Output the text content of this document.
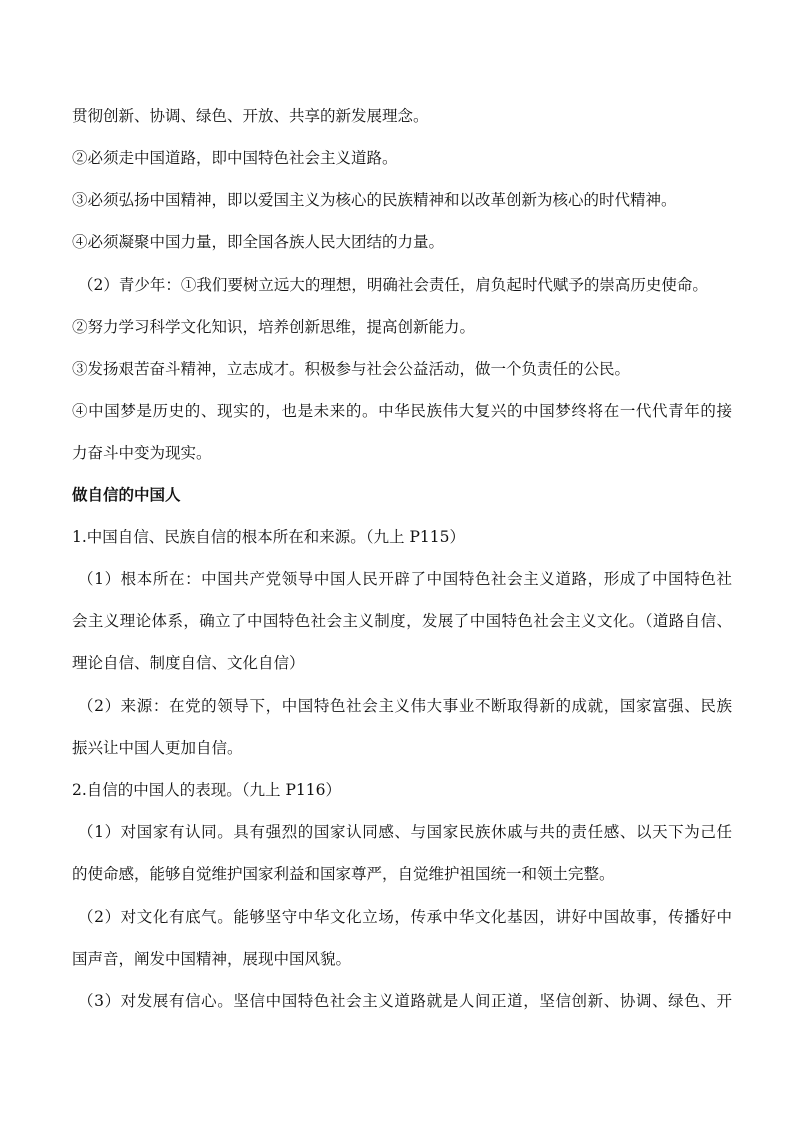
贯彻创新、协调、绿色、开放、共享的新发展理念。
②必须走中国道路，即中国特色社会主义道路。
③必须弘扬中国精神，即以爱国主义为核心的民族精神和以改革创新为核心的时代精神。
④必须凝聚中国力量，即全国各族人民大团结的力量。
（2）青少年：①我们要树立远大的理想，明确社会责任，肩负起时代赋予的崇高历史使命。
②努力学习科学文化知识，培养创新思维，提高创新能力。
③发扬艰苦奋斗精神，立志成才。积极参与社会公益活动，做一个负责任的公民。
④中国梦是历史的、现实的，也是未来的。中华民族伟大复兴的中国梦终将在一代代青年的接
力奋斗中变为现实。
做自信的中国人
1.中国自信、民族自信的根本所在和来源。（九上 P115）
（1）根本所在：中国共产党领导中国人民开辟了中国特色社会主义道路，形成了中国特色社
会主义理论体系，确立了中国特色社会主义制度，发展了中国特色社会主义文化。（道路自信、
理论自信、制度自信、文化自信）
（2）来源：在党的领导下，中国特色社会主义伟大事业不断取得新的成就，国家富强、民族
振兴让中国人更加自信。
2.自信的中国人的表现。（九上 P116）
（1）对国家有认同。具有强烈的国家认同感、与国家民族休戚与共的责任感、以天下为己任
的使命感，能够自觉维护国家利益和国家尊严，自觉维护祖国统一和领土完整。
（2）对文化有底气。能够坚守中华文化立场，传承中华文化基因，讲好中国故事，传播好中
国声音，阐发中国精神，展现中国风貌。
（3）对发展有信心。坚信中国特色社会主义道路就是人间正道，坚信创新、协调、绿色、开
